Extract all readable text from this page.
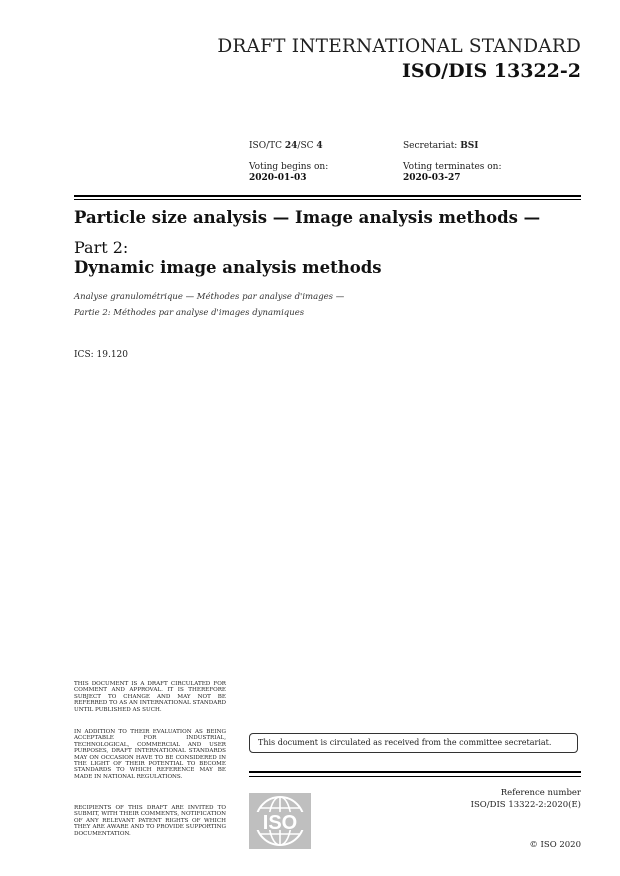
DRAFT INTERNATIONAL STANDARD
ISO/DIS 13322-2
ISO/TC 24/SC 4	Secretariat: BSI
Voting begins on:
2020-01-03
Voting terminates on:
2020-03-27
Particle size analysis — Image analysis methods —
Part 2:
Dynamic image analysis methods
Analyse granulométrique — Méthodes par analyse d'images —
Partie 2: Méthodes par analyse d'images dynamiques
ICS: 19.120
THIS DOCUMENT IS A DRAFT CIRCULATED FOR COMMENT AND APPROVAL. IT IS THEREFORE SUBJECT TO CHANGE AND MAY NOT BE REFERRED TO AS AN INTERNATIONAL STANDARD UNTIL PUBLISHED AS SUCH.
IN ADDITION TO THEIR EVALUATION AS BEING ACCEPTABLE FOR INDUSTRIAL, TECHNOLOGICAL, COMMERCIAL AND USER PURPOSES, DRAFT INTERNATIONAL STANDARDS MAY ON OCCASION HAVE TO BE CONSIDERED IN THE LIGHT OF THEIR POTENTIAL TO BECOME STANDARDS TO WHICH REFERENCE MAY BE MADE IN NATIONAL REGULATIONS.
RECIPIENTS OF THIS DRAFT ARE INVITED TO SUBMIT, WITH THEIR COMMENTS, NOTIFICATION OF ANY RELEVANT PATENT RIGHTS OF WHICH THEY ARE AWARE AND TO PROVIDE SUPPORTING DOCUMENTATION.
This document is circulated as received from the committee secretariat.
Reference number
ISO/DIS 13322-2:2020(E)
ISO
© ISO 2020
